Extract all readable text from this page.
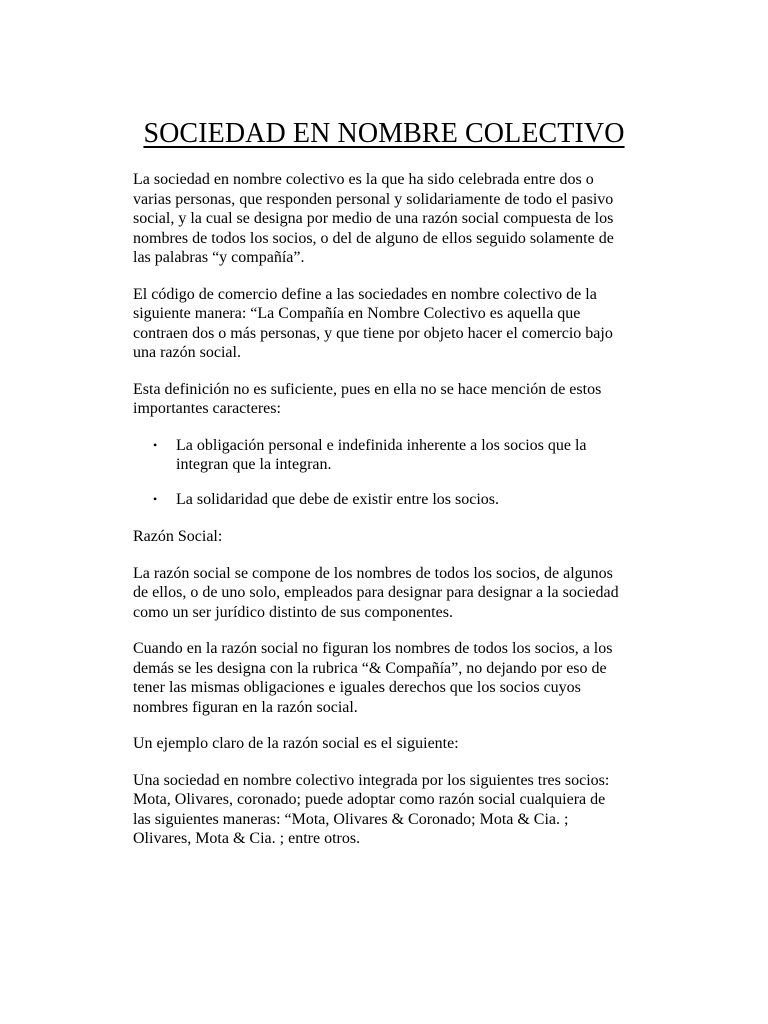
SOCIEDAD EN NOMBRE COLECTIVO

La sociedad en nombre colectivo es la que ha sido celebrada entre dos o
varias personas, que responden personal y solidariamente de todo el pasivo
social, y la cual se designa por medio de una razón social compuesta de los
nombres de todos los socios, o del de alguno de ellos seguido solamente de
las palabras “y compañía”.

El código de comercio define a las sociedades en nombre colectivo de la
siguiente manera: “La Compañía en Nombre Colectivo es aquella que
contraen dos o más personas, y que tiene por objeto hacer el comercio bajo
una razón social.

Esta definición no es suficiente, pues en ella no se hace mención de estos
importantes caracteres:

• La obligación personal e indefinida inherente a los socios que la
integran que la integran.
• La solidaridad que debe de existir entre los socios.

Razón Social:

La razón social se compone de los nombres de todos los socios, de algunos
de ellos, o de uno solo, empleados para designar para designar a la sociedad
como un ser jurídico distinto de sus componentes.

Cuando en la razón social no figuran los nombres de todos los socios, a los
demás se les designa con la rubrica “& Compañía”, no dejando por eso de
tener las mismas obligaciones e iguales derechos que los socios cuyos
nombres figuran en la razón social.

Un ejemplo claro de la razón social es el siguiente:

Una sociedad en nombre colectivo integrada por los siguientes tres socios:
Mota, Olivares, coronado; puede adoptar como razón social cualquiera de
las siguientes maneras: “Mota, Olivares & Coronado; Mota & Cia. ;
Olivares, Mota & Cia. ; entre otros.
